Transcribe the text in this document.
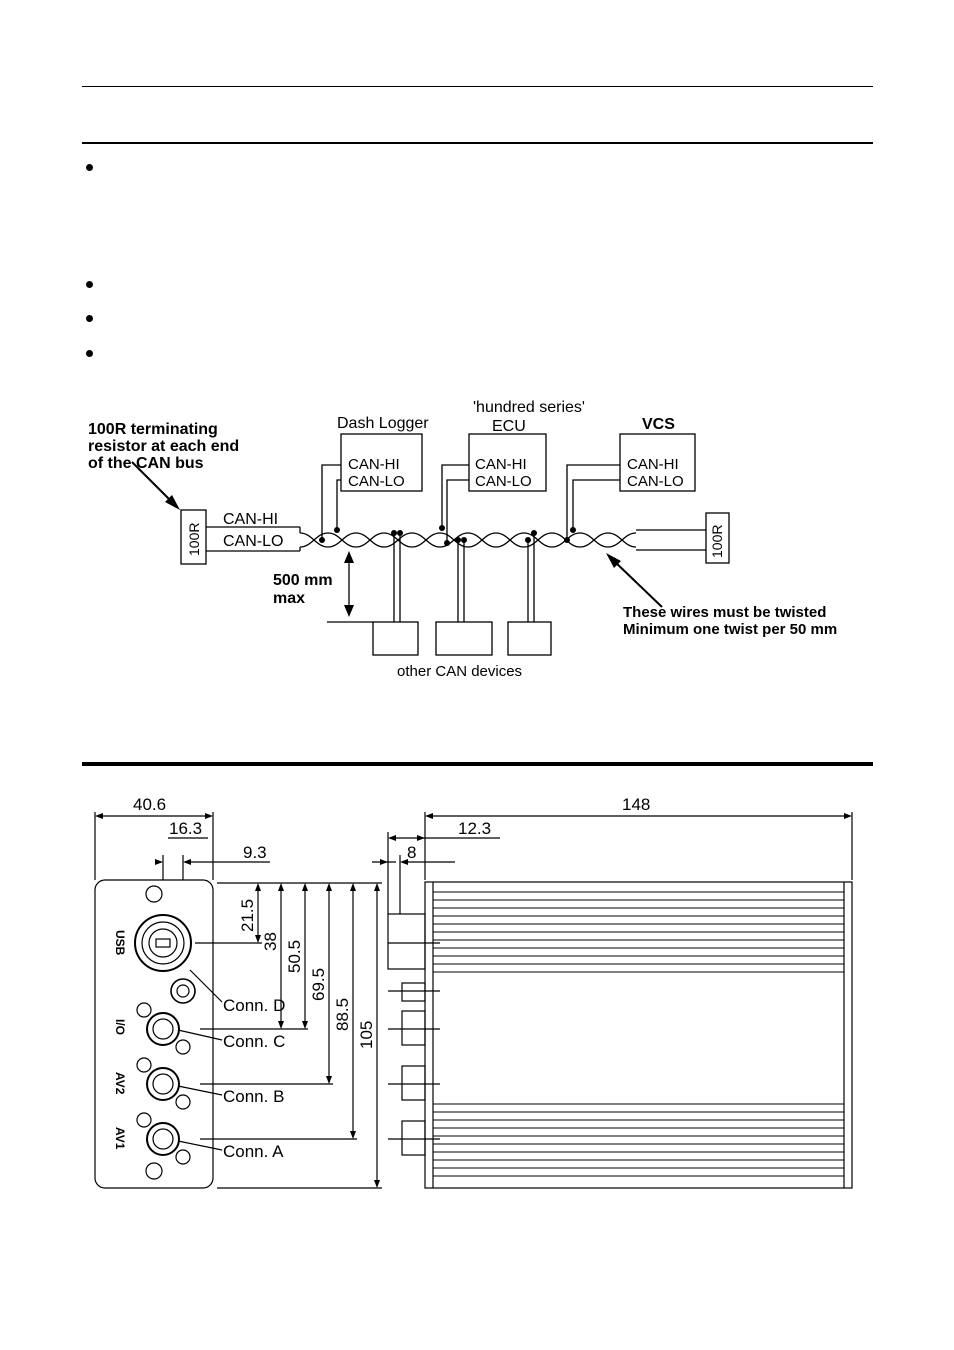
100R terminating
resistor at each end
of the CAN bus
100R	100R
CAN-HI
CAN-LO
Dash Logger
CAN-HI
CAN-LO
'hundred series'
ECU
CAN-HI
CAN-LO
VCS
CAN-HI
CAN-LO
500 mm
max
These wires must be twisted
Minimum one twist per 50 mm
other CAN devices
40.6
16.3
9.3
148
12.3
8
21.5
38 50.5
69.5
88.5
105
USB
I/O
AV2
AV1
Conn. D
Conn. C
Conn. B
Conn. A
